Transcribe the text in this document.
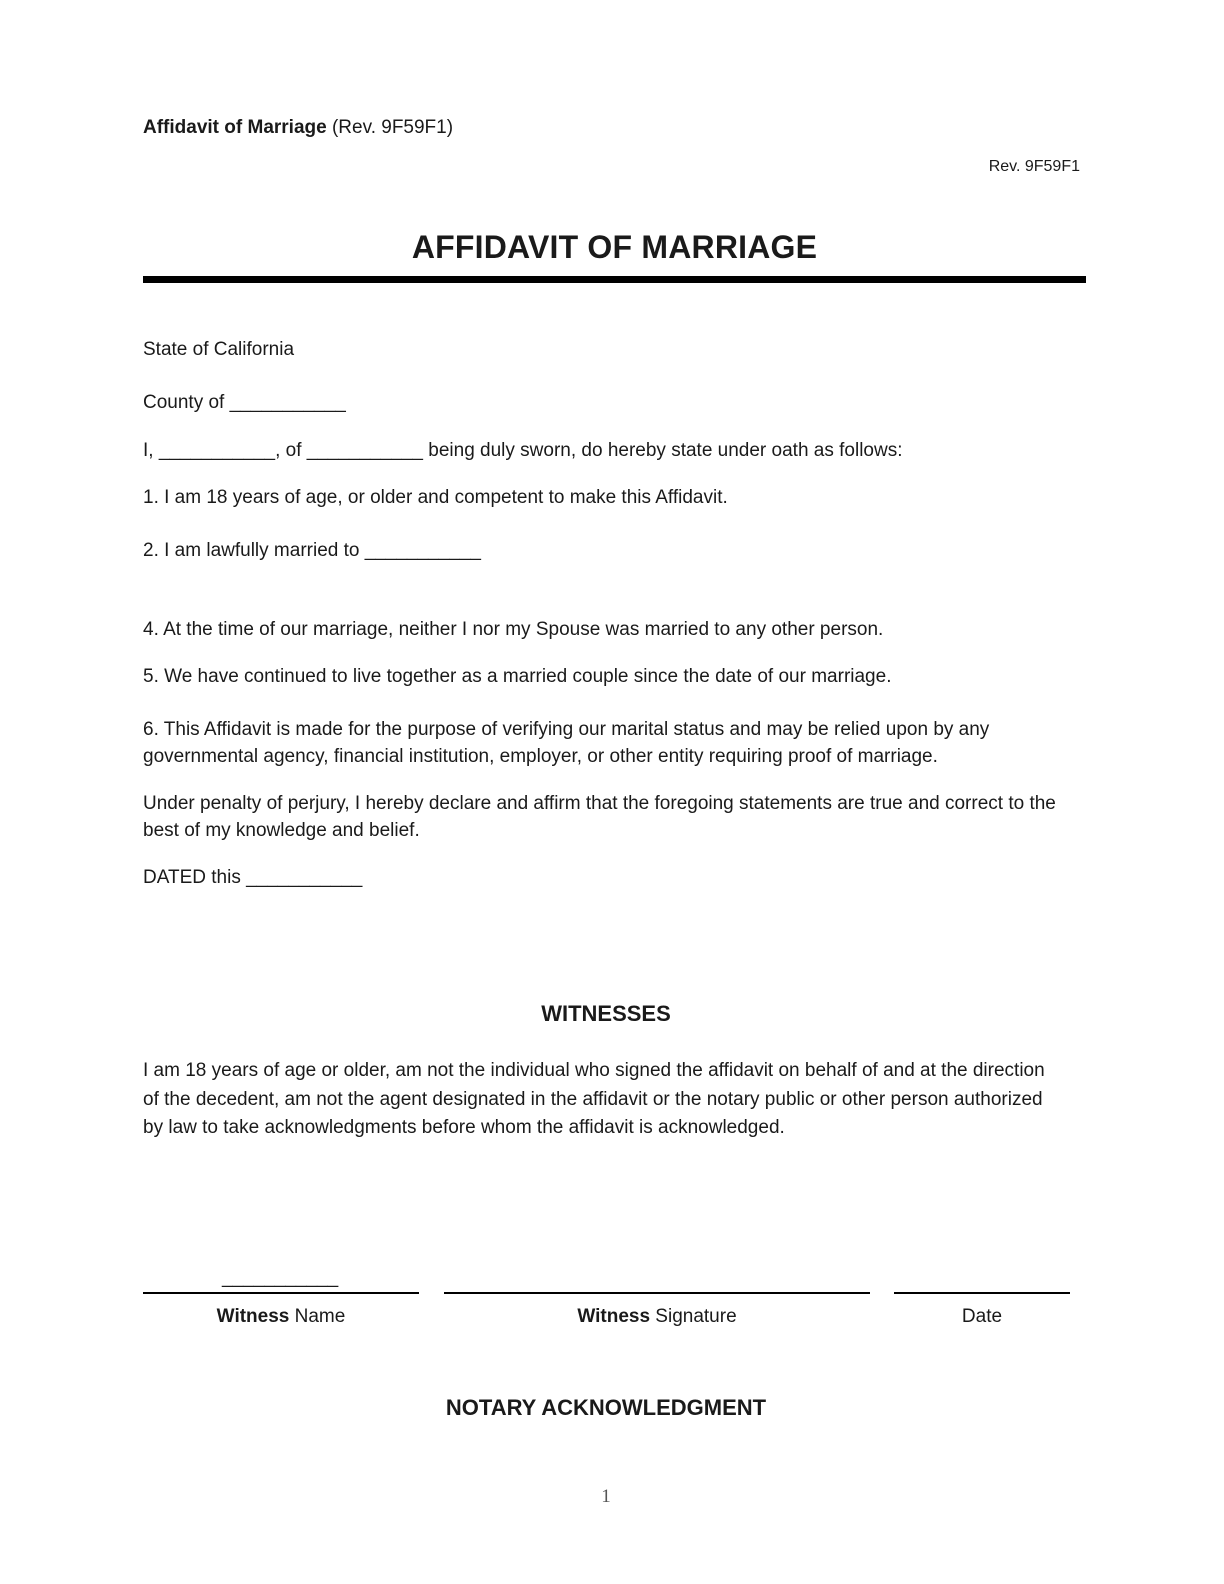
Affidavit of Marriage (Rev. 9F59F1)
Rev. 9F59F1
AFFIDAVIT OF MARRIAGE
State of California
County of ___________
I, ___________, of ___________ being duly sworn, do hereby state under oath as follows:
1. I am 18 years of age, or older and competent to make this Affidavit.
2. I am lawfully married to ___________
4. At the time of our marriage, neither I nor my Spouse was married to any other person.
5. We have continued to live together as a married couple since the date of our marriage.
6. This Affidavit is made for the purpose of verifying our marital status and may be relied upon by any governmental agency, financial institution, employer, or other entity requiring proof of marriage.
Under penalty of perjury, I hereby declare and affirm that the foregoing statements are true and correct to the best of my knowledge and belief.
DATED this ___________
WITNESSES
I am 18 years of age or older, am not the individual who signed the affidavit on behalf of and at the direction of the decedent, am not the agent designated in the affidavit or the notary public or other person authorized by law to take acknowledgments before whom the affidavit is acknowledged.
___________
Witness Name	Witness Signature	Date
NOTARY ACKNOWLEDGMENT
1
